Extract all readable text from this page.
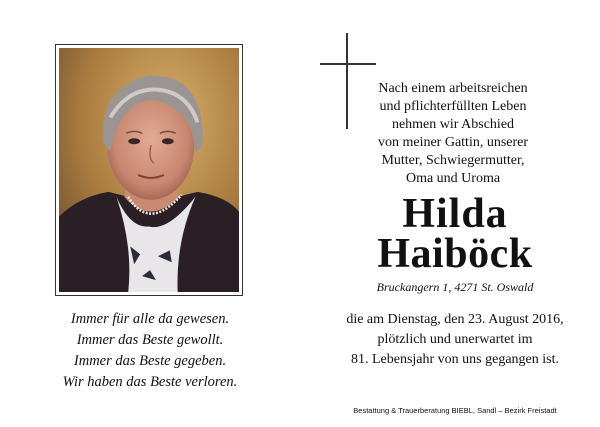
Immer für alle da gewesen.
Immer das Beste gewollt.
Immer das Beste gegeben.
Wir haben das Beste verloren.
Nach einem arbeitsreichen
und pflichterfüllten Leben
nehmen wir Abschied
von meiner Gattin, unserer
Mutter, Schwiegermutter,
Oma und Uroma
Hilda
Haiböck
Bruckangern 1, 4271 St. Oswald
die am Dienstag, den 23. August 2016,
plötzlich und unerwartet im
81. Lebensjahr von uns gegangen ist.
Bestattung & Trauerberatung BIEBL, Sandl – Bezirk Freistadt
